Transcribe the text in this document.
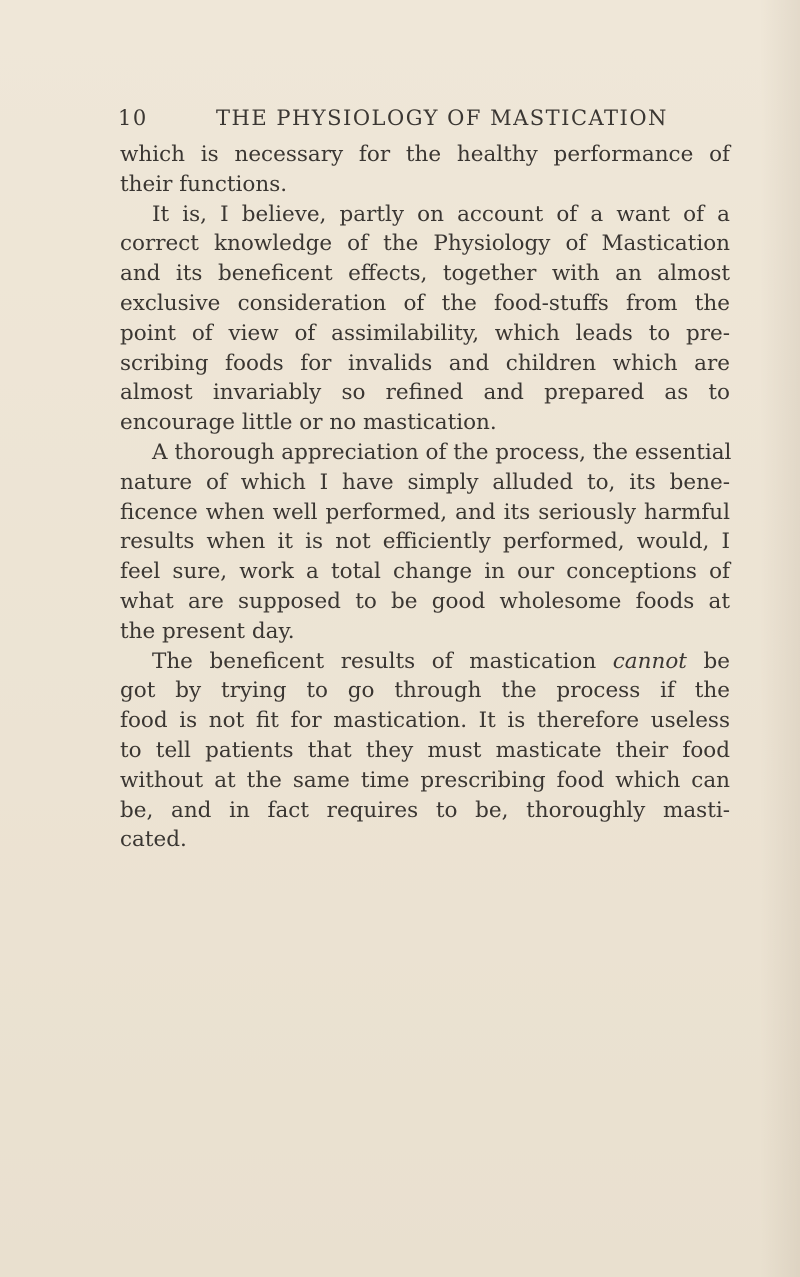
10	THE PHYSIOLOGY OF MASTICATION
which is necessary for the healthy performance of
their functions.
It is, I believe, partly on account of a want of a
correct knowledge of the Physiology of Mastication
and its beneficent effects, together with an almost
exclusive consideration of the food-stuffs from the
point of view of assimilability, which leads to pre-
scribing foods for invalids and children which are
almost invariably so refined and prepared as to
encourage little or no mastication.
A thorough appreciation of the process, the essential
nature of which I have simply alluded to, its bene-
ficence when well performed, and its seriously harmful
results when it is not efficiently performed, would, I
feel sure, work a total change in our conceptions of
what are supposed to be good wholesome foods at
the present day.
The beneficent results of mastication cannot be
got by trying to go through the process if the
food is not fit for mastication. It is therefore useless
to tell patients that they must masticate their food
without at the same time prescribing food which can
be, and in fact requires to be, thoroughly masti-
cated.
